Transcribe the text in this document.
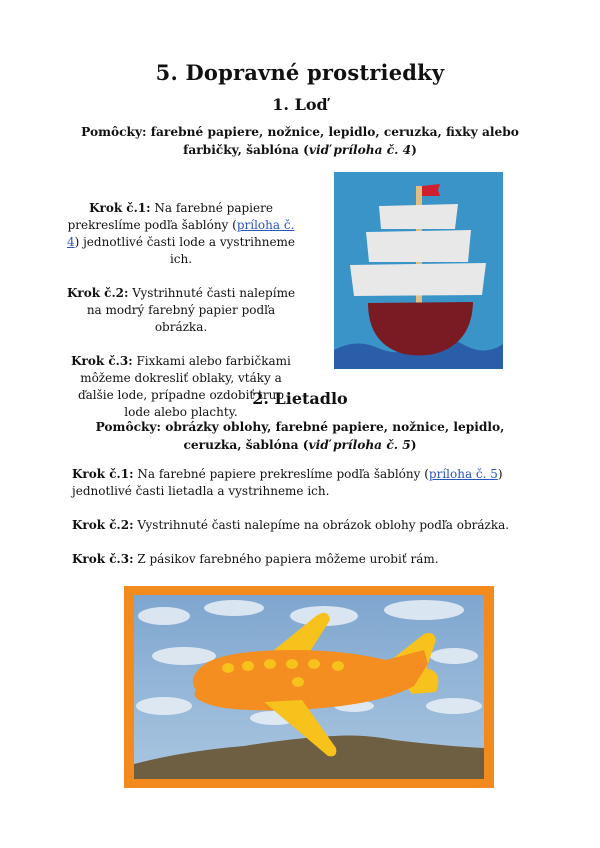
5. Dopravné prostriedky
1. Loď
Pomôcky: farebné papiere, nožnice, lepidlo, ceruzka, fixky alebo farbičky, šablóna (viď príloha č. 4)

Krok č.1: Na farebné papiere prekreslíme podľa šablóny (príloha č. 4) jednotlivé časti lode a vystrihneme ich.

Krok č.2: Vystrihnuté časti nalepíme na modrý farebný papier podľa obrázka.

Krok č.3: Fixkami alebo farbičkami môžeme dokresliť oblaky, vtáky a ďalšie lode, prípadne ozdobiť trup lode alebo plachty.

2. Lietadlo
Pomôcky: obrázky oblohy, farebné papiere, nožnice, lepidlo, ceruzka, šablóna (viď príloha č. 5)

Krok č.1: Na farebné papiere prekreslíme podľa šablóny (príloha č. 5) jednotlivé časti lietadla a vystrihneme ich.

Krok č.2: Vystrihnuté časti nalepíme na obrázok oblohy podľa obrázka.

Krok č.3: Z pásikov farebného papiera môžeme urobiť rám.
